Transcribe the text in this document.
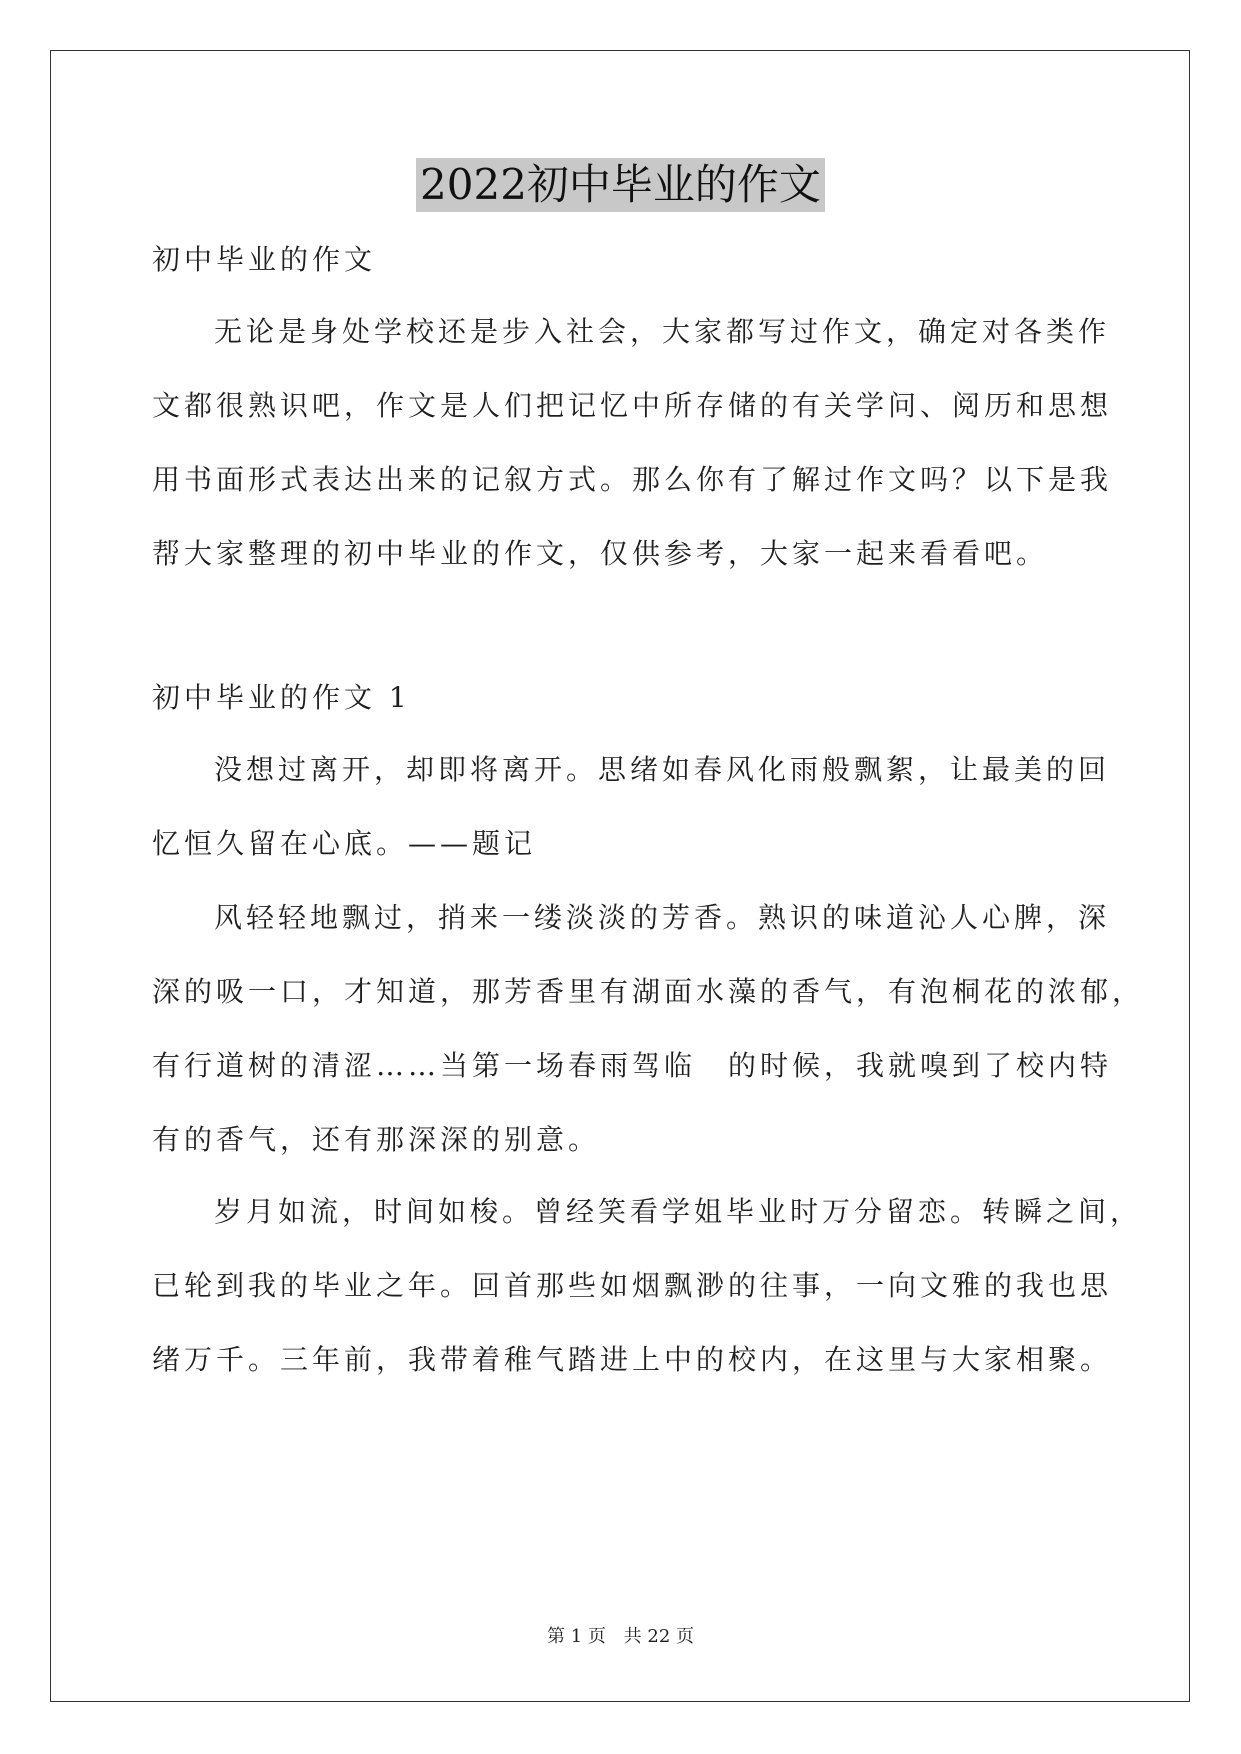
2022初中毕业的作文
初中毕业的作文
无论是身处学校还是步入社会，大家都写过作文，确定对各类作
文都很熟识吧，作文是人们把记忆中所存储的有关学问、阅历和思想
用书面形式表达出来的记叙方式。那么你有了解过作文吗？以下是我
帮大家整理的初中毕业的作文，仅供参考，大家一起来看看吧。
初中毕业的作文 1
没想过离开，却即将离开。思绪如春风化雨般飘絮，让最美的回
忆恒久留在心底。——题记
风轻轻地飘过，捎来一缕淡淡的芳香。熟识的味道沁人心脾，深
深的吸一口，才知道，那芳香里有湖面水藻的香气，有泡桐花的浓郁，
有行道树的清涩……当第一场春雨驾临　的时候，我就嗅到了校内特
有的香气，还有那深深的别意。
岁月如流，时间如梭。曾经笑看学姐毕业时万分留恋。转瞬之间，
已轮到我的毕业之年。回首那些如烟飘渺的往事，一向文雅的我也思
绪万千。三年前，我带着稚气踏进上中的校内，在这里与大家相聚。
第 1 页 共 22 页
